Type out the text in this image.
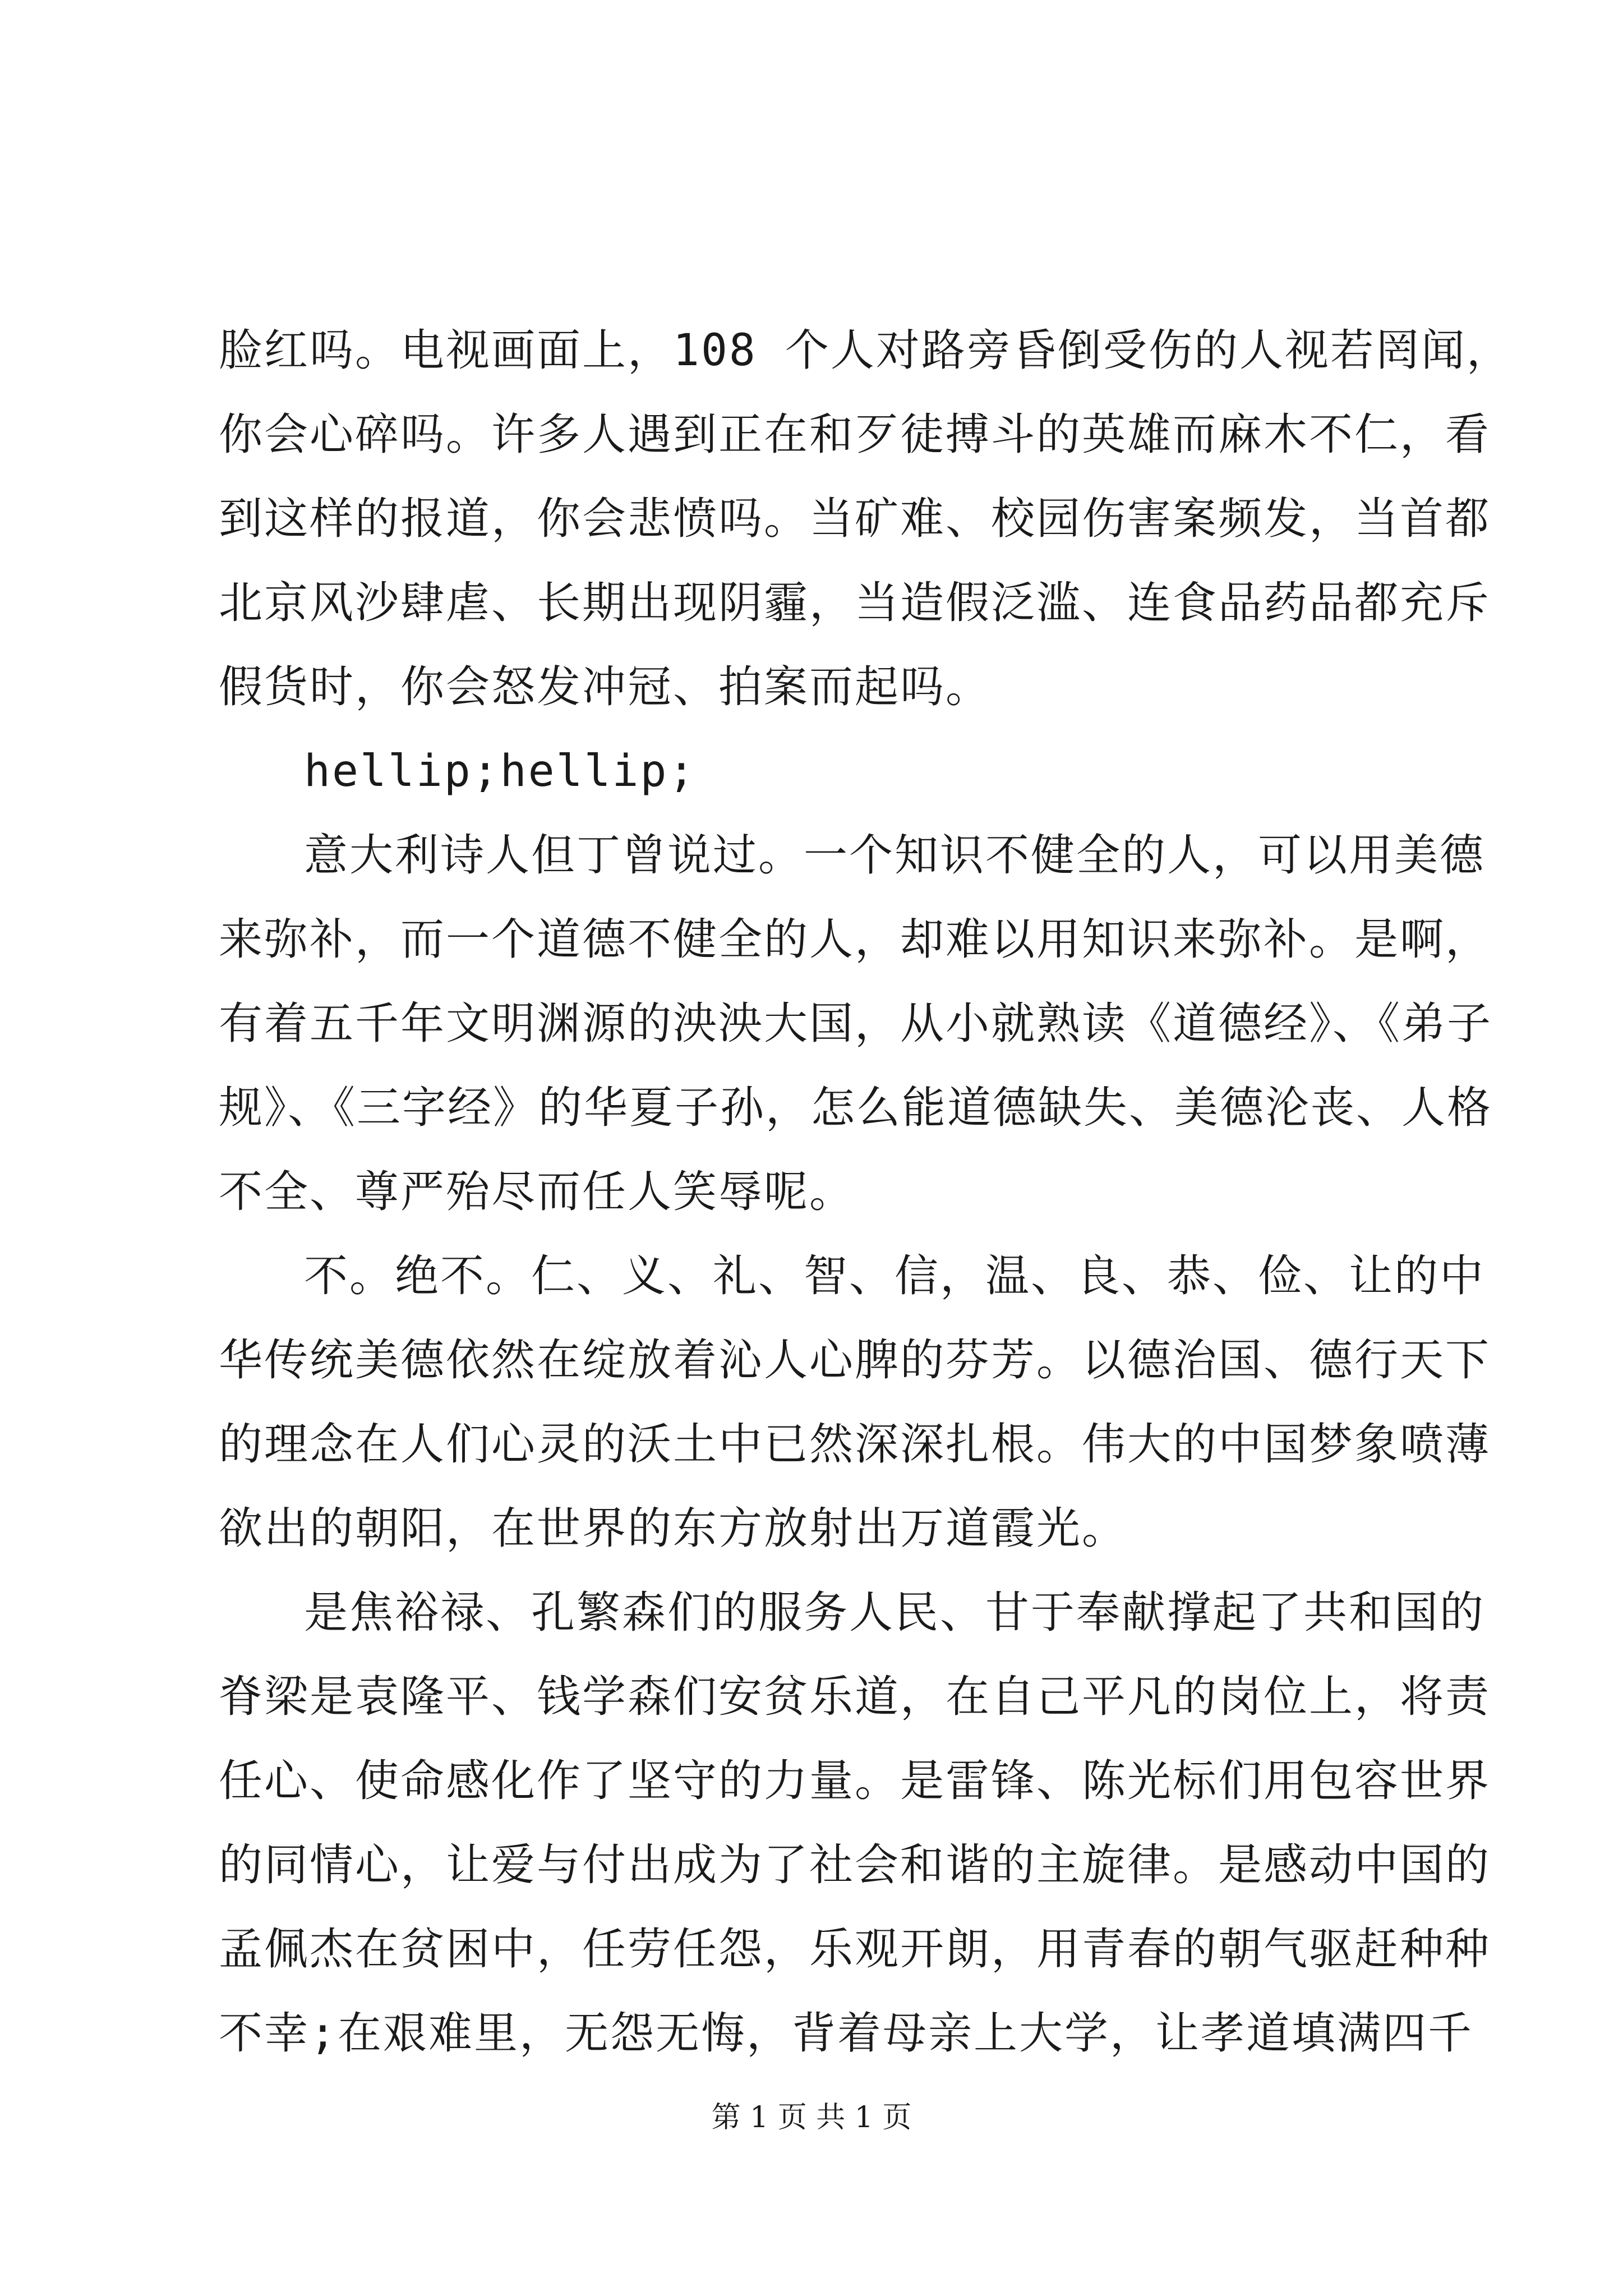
脸红吗。电视画面上，108 个人对路旁昏倒受伤的人视若罔闻，
你会心碎吗。许多人遇到正在和歹徒搏斗的英雄而麻木不仁，看
到这样的报道，你会悲愤吗。当矿难、校园伤害案频发，当首都
北京风沙肆虐、长期出现阴霾，当造假泛滥、连食品药品都充斥
假货时，你会怒发冲冠、拍案而起吗。
hellip;hellip;
意大利诗人但丁曾说过。一个知识不健全的人，可以用美德
来弥补，而一个道德不健全的人，却难以用知识来弥补。是啊，
有着五千年文明渊源的泱泱大国，从小就熟读《道德经》、《弟子
规》、《三字经》的华夏子孙，怎么能道德缺失、美德沦丧、人格
不全、尊严殆尽而任人笑辱呢。
不。绝不。仁、义、礼、智、信，温、良、恭、俭、让的中
华传统美德依然在绽放着沁人心脾的芬芳。以德治国、德行天下
的理念在人们心灵的沃土中已然深深扎根。伟大的中国梦象喷薄
欲出的朝阳，在世界的东方放射出万道霞光。
是焦裕禄、孔繁森们的服务人民、甘于奉献撑起了共和国的
脊梁是袁隆平、钱学森们安贫乐道，在自己平凡的岗位上，将责
任心、使命感化作了坚守的力量。是雷锋、陈光标们用包容世界
的同情心，让爱与付出成为了社会和谐的主旋律。是感动中国的
孟佩杰在贫困中，任劳任怨，乐观开朗，用青春的朝气驱赶种种
不幸;在艰难里，无怨无悔，背着母亲上大学，让孝道填满四千
第 1 页 共 1 页
